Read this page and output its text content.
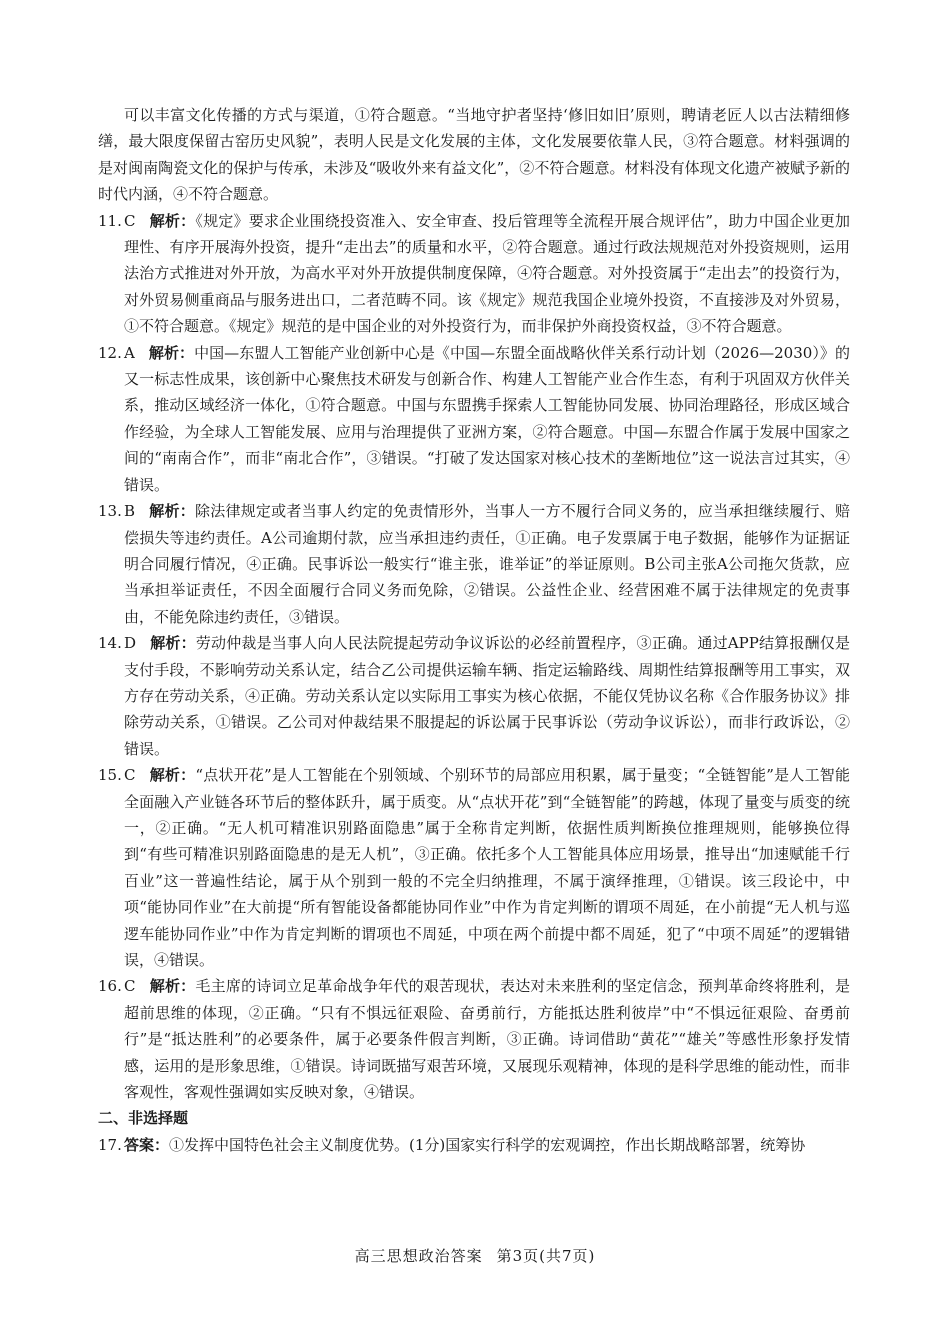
可以丰富文化传播的方式与渠道，①符合题意。“当地守护者坚持‘修旧如旧’原则，聘请老匠人以古法精细修缮，最大限度保留古窑历史风貌”，表明人民是文化发展的主体，文化发展要依靠人民，③符合题意。材料强调的是对闽南陶瓷文化的保护与传承，未涉及“吸收外来有益文化”，②不符合题意。材料没有体现文化遗产被赋予新的时代内涵，④不符合题意。

11. C 解析：《规定》要求企业围绕投资准入、安全审查、投后管理等全流程开展合规评估”，助力中国企业更加理性、有序开展海外投资，提升“走出去”的质量和水平，②符合题意。通过行政法规规范对外投资规则，运用法治方式推进对外开放，为高水平对外开放提供制度保障，④符合题意。对外投资属于“走出去”的投资行为，对外贸易侧重商品与服务进出口，二者范畴不同。该《规定》规范我国企业境外投资，不直接涉及对外贸易，①不符合题意。《规定》规范的是中国企业的对外投资行为，而非保护外商投资权益，③不符合题意。
12. A 解析：中国—东盟人工智能产业创新中心是《中国—东盟全面战略伙伴关系行动计划（2026—2030）》的又一标志性成果，该创新中心聚焦技术研发与创新合作、构建人工智能产业合作生态，有利于巩固双方伙伴关系，推动区域经济一体化，①符合题意。中国与东盟携手探索人工智能协同发展、协同治理路径，形成区域合作经验，为全球人工智能发展、应用与治理提供了亚洲方案，②符合题意。中国—东盟合作属于发展中国家之间的“南南合作”，而非“南北合作”，③错误。“打破了发达国家对核心技术的垄断地位”这一说法言过其实，④错误。
13. B 解析：除法律规定或者当事人约定的免责情形外，当事人一方不履行合同义务的，应当承担继续履行、赔偿损失等违约责任。A公司逾期付款，应当承担违约责任，①正确。电子发票属于电子数据，能够作为证据证明合同履行情况，④正确。民事诉讼一般实行“谁主张，谁举证”的举证原则。B公司主张A公司拖欠货款，应当承担举证责任，不因全面履行合同义务而免除，②错误。公益性企业、经营困难不属于法律规定的免责事由，不能免除违约责任，③错误。
14. D 解析：劳动仲裁是当事人向人民法院提起劳动争议诉讼的必经前置程序，③正确。通过APP结算报酬仅是支付手段，不影响劳动关系认定，结合乙公司提供运输车辆、指定运输路线、周期性结算报酬等用工事实，双方存在劳动关系，④正确。劳动关系认定以实际用工事实为核心依据，不能仅凭协议名称《合作服务协议》排除劳动关系，①错误。乙公司对仲裁结果不服提起的诉讼属于民事诉讼（劳动争议诉讼），而非行政诉讼，②错误。
15. C 解析：“点状开花”是人工智能在个别领域、个别环节的局部应用积累，属于量变；“全链智能”是人工智能全面融入产业链各环节后的整体跃升，属于质变。从“点状开花”到“全链智能”的跨越，体现了量变与质变的统一，②正确。“无人机可精准识别路面隐患”属于全称肯定判断，依据性质判断换位推理规则，能够换位得到“有些可精准识别路面隐患的是无人机”，③正确。依托多个人工智能具体应用场景，推导出“加速赋能千行百业”这一普遍性结论，属于从个别到一般的不完全归纳推理，不属于演绎推理，①错误。该三段论中，中项“能协同作业”在大前提“所有智能设备都能协同作业”中作为肯定判断的谓项不周延，在小前提“无人机与巡逻车能协同作业”中作为肯定判断的谓项也不周延，中项在两个前提中都不周延，犯了“中项不周延”的逻辑错误，④错误。
16. C 解析：毛主席的诗词立足革命战争年代的艰苦现状，表达对未来胜利的坚定信念，预判革命终将胜利，是超前思维的体现，②正确。“只有不惧远征艰险、奋勇前行，方能抵达胜利彼岸”中“不惧远征艰险、奋勇前行”是“抵达胜利”的必要条件，属于必要条件假言判断，③正确。诗词借助“黄花”“雄关”等感性形象抒发情感，运用的是形象思维，①错误。诗词既描写艰苦环境，又展现乐观精神，体现的是科学思维的能动性，而非客观性，客观性强调如实反映对象，④错误。

二、非选择题

17. 答案：①发挥中国特色社会主义制度优势。(1分)国家实行科学的宏观调控，作出长期战略部署，统筹协
高三思想政治答案 第3页(共7页)
